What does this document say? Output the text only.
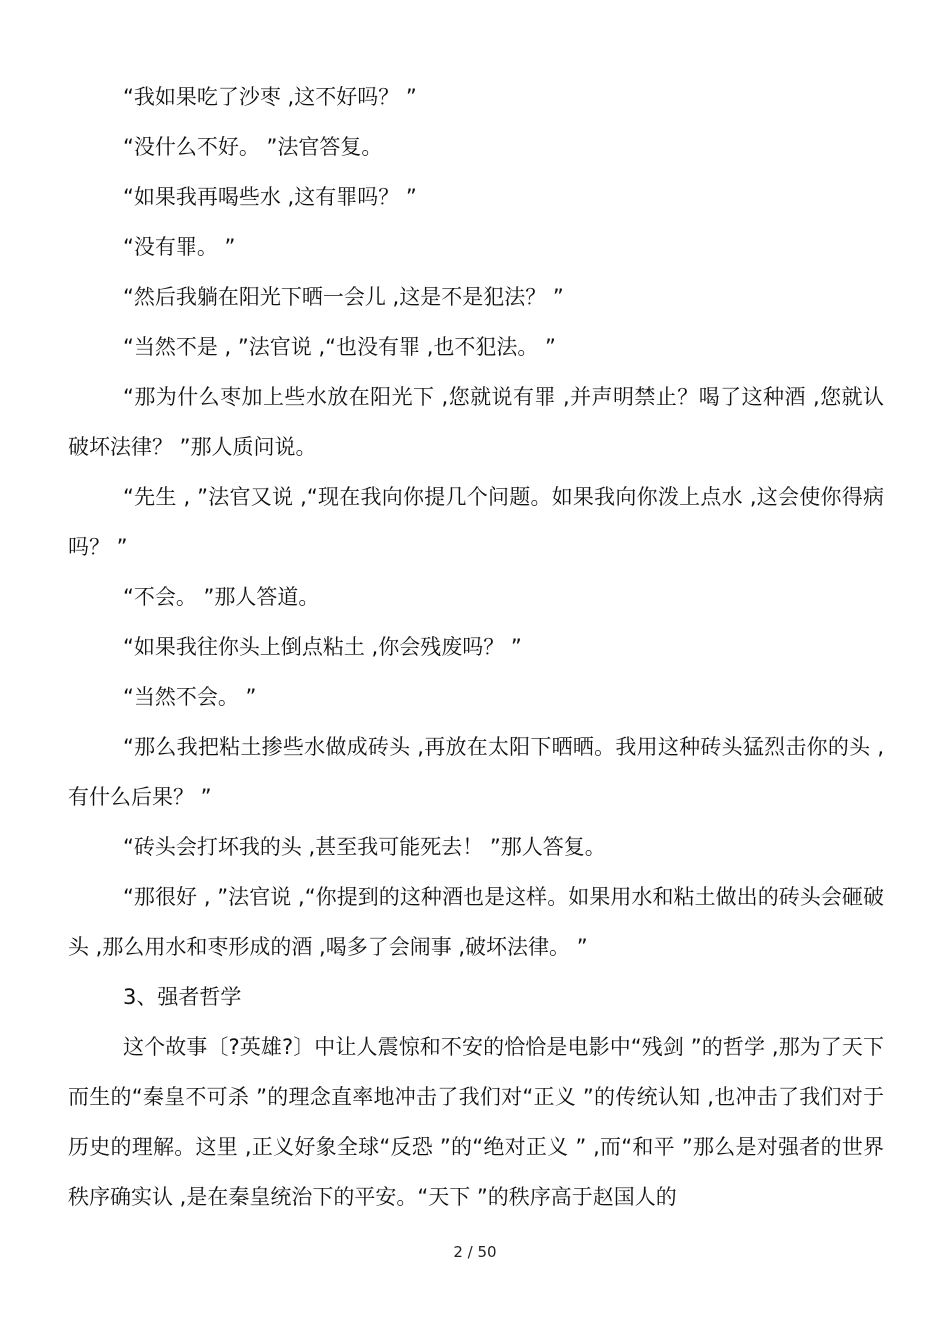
“我如果吃了沙枣 ,这不好吗？ ”

“没什么不好。 ”法官答复。

“如果我再喝些水 ,这有罪吗？ ”

“没有罪。 ”

“然后我躺在阳光下晒一会儿 ,这是不是犯法？ ”

“当然不是 , ”法官说 ,“也没有罪 ,也不犯法。 ”

“那为什么枣加上些水放在阳光下 ,您就说有罪 ,并声明禁止？喝了这种酒 ,您就认破坏法律？ ”那人质问说。

“先生 , ”法官又说 ,“现在我向你提几个问题。如果我向你泼上点水 ,这会使你得病吗？ ”

“不会。 ”那人答道。

“如果我往你头上倒点粘土 ,你会残废吗？ ”

“当然不会。 ”

“那么我把粘土掺些水做成砖头 ,再放在太阳下晒晒。我用这种砖头猛烈击你的头 ,有什么后果？ ”

“砖头会打坏我的头 ,甚至我可能死去！ ”那人答复。

“那很好 , ”法官说 ,“你提到的这种酒也是这样。如果用水和粘土做出的砖头会砸破头 ,那么用水和枣形成的酒 ,喝多了会闹事 ,破坏法律。 ”

3、强者哲学

这个故事〔?英雄?〕中让人震惊和不安的恰恰是电影中“残剑 ”的哲学 ,那为了天下而生的“秦皇不可杀 ”的理念直率地冲击了我们对“正义 ”的传统认知 ,也冲击了我们对于历史的理解。这里 ,正义好象全球“反恐 ”的“绝对正义 ” ,而“和平 ”那么是对强者的世界秩序确实认 ,是在秦皇统治下的平安。“天下 ”的秩序高于赵国人的

2 / 50
